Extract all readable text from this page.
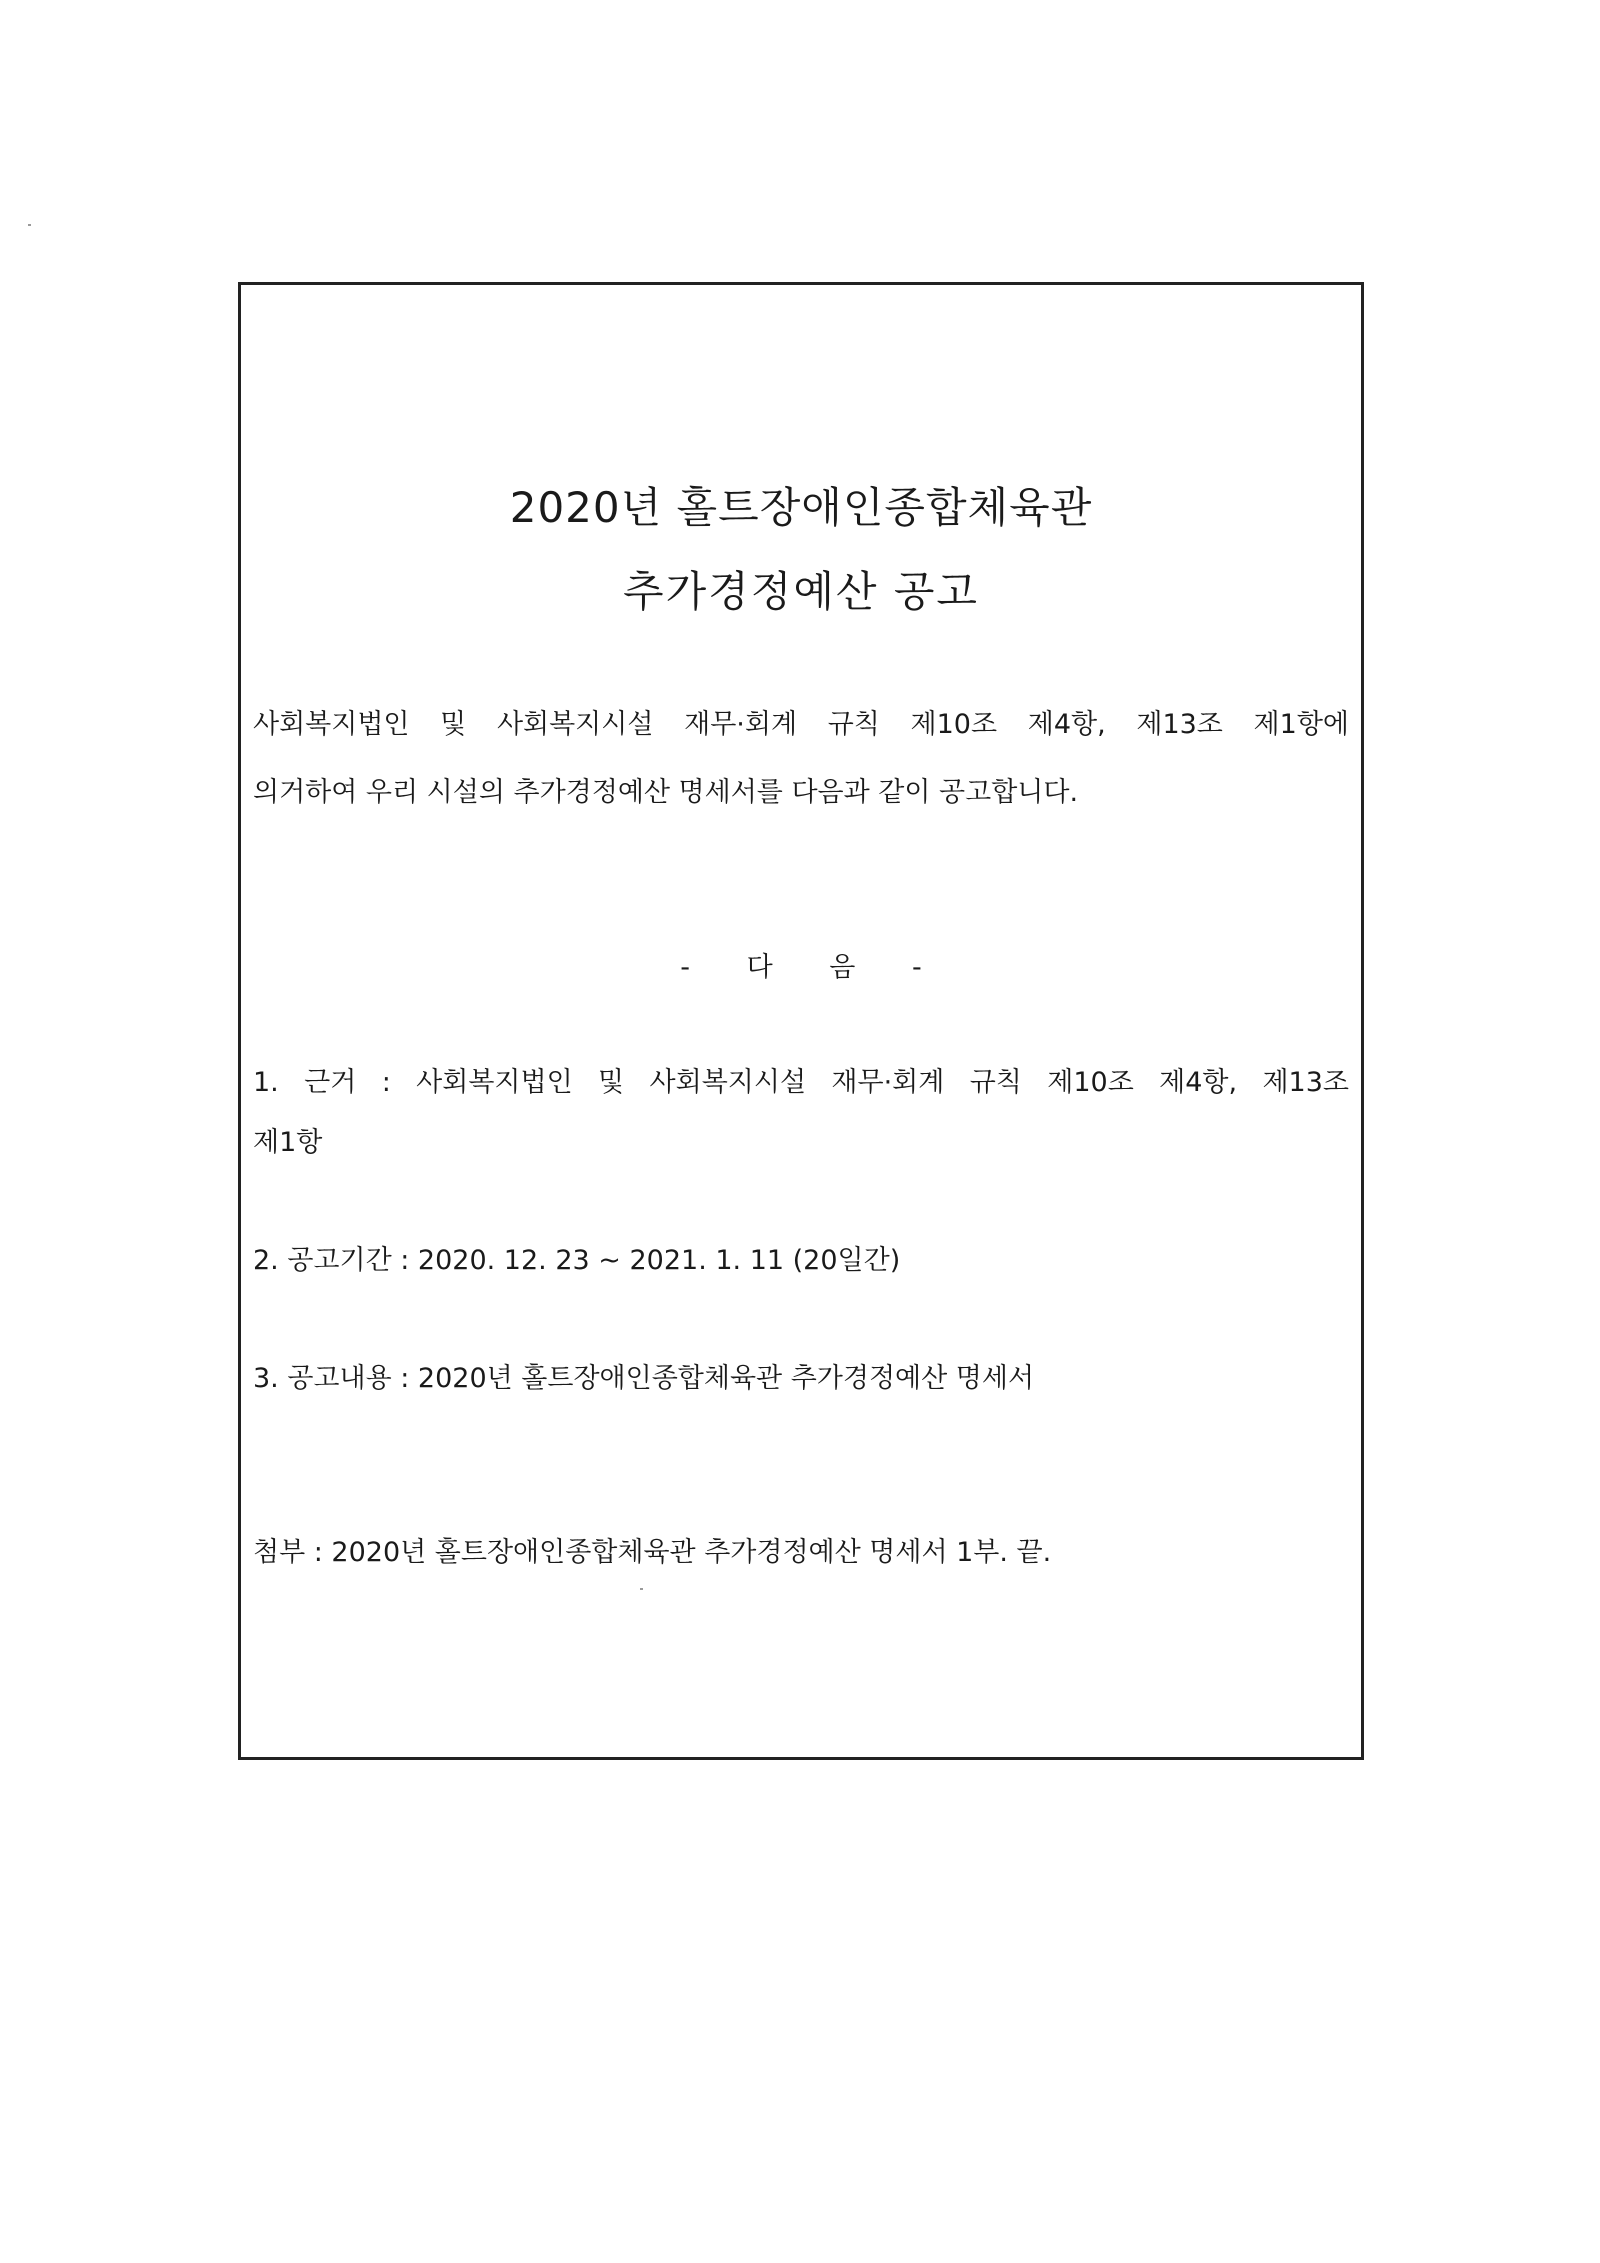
2020년 홀트장애인종합체육관
추가경정예산 공고
사회복지법인 및 사회복지시설 재무·회계 규칙 제10조 제4항, 제13조 제1항에
의거하여 우리 시설의 추가경정예산 명세서를 다음과 같이 공고합니다.
- 다 음 -
1. 근거 : 사회복지법인 및 사회복지시설 재무·회계 규칙 제10조 제4항, 제13조
제1항
2. 공고기간 : 2020. 12. 23 ~ 2021. 1. 11 (20일간)
3. 공고내용 : 2020년 홀트장애인종합체육관 추가경정예산 명세서
첨부 : 2020년 홀트장애인종합체육관 추가경정예산 명세서 1부. 끝.
